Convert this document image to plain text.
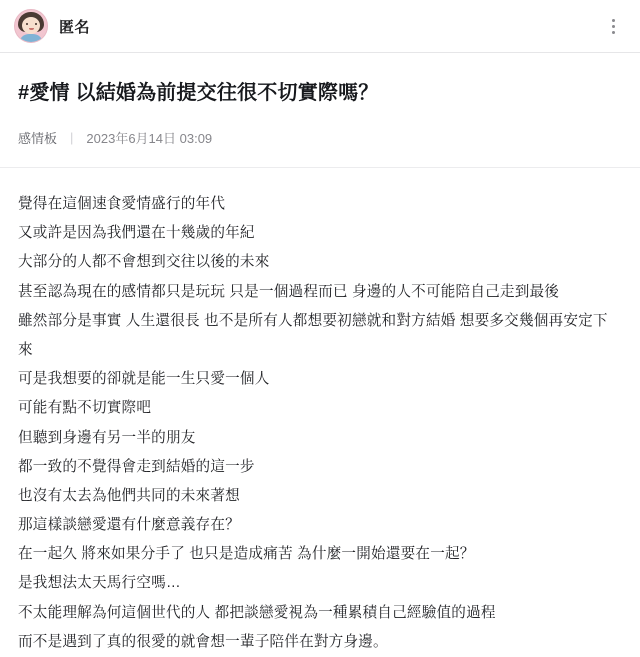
匿名
#愛情 以結婚為前提交往很不切實際嗎？
感情板 | 2023年6月14日 03:09

覺得在這個速食愛情盛行的年代

又或許是因為我們還在十幾歲的年紀

大部分的人都不會想到交往以後的未來

甚至認為現在的感情都只是玩玩 只是一個過程而已 身邊的人不可能陪自己走到最後

雖然部分是事實 人生還很長 也不是所有人都想要初戀就和對方結婚 想要多交幾個再安定下來

可是我想要的卻就是能一生只愛一個人

可能有點不切實際吧

但聽到身邊有另一半的朋友

都一致的不覺得會走到結婚的這一步

也沒有太去為他們共同的未來著想

那這樣談戀愛還有什麼意義存在？

在一起久 將來如果分手了 也只是造成痛苦 為什麼一開始還要在一起？

是我想法太天馬行空嗎…

不太能理解為何這個世代的人 都把談戀愛視為一種累積自己經驗值的過程

而不是遇到了真的很愛的就會想一輩子陪伴在對方身邊。
